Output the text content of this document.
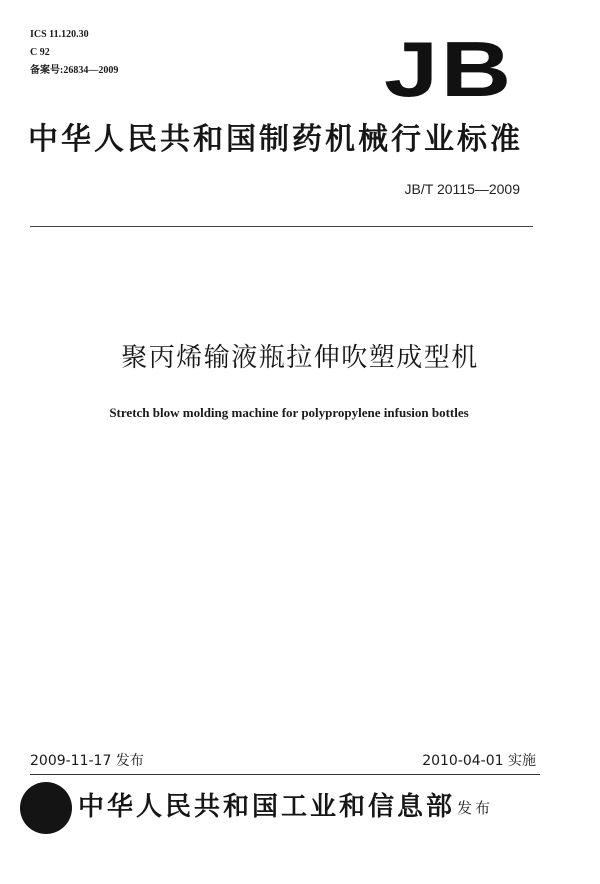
ICS 11.120.30
C 92
备案号:26834—2009	JB
中华人民共和国制药机械行业标准
JB/T 20115—2009
聚丙烯输液瓶拉伸吹塑成型机
Stretch blow molding machine for polypropylene infusion bottles
2009-11-17 发布	2010-04-01 实施
中华人民共和国工业和信息部 发布
